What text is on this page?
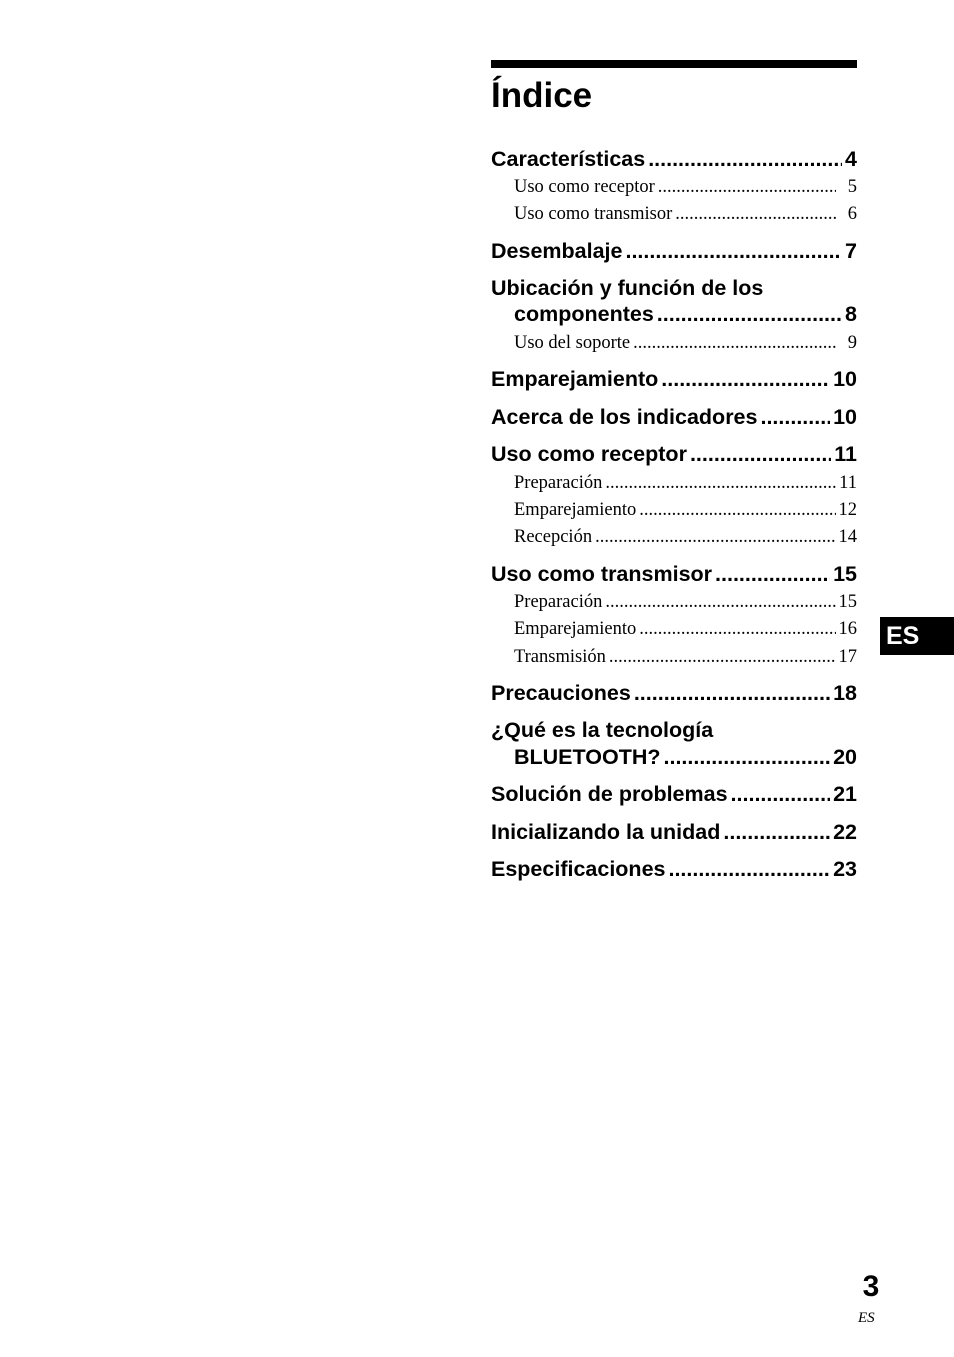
Índice
Características .....	4
Uso como receptor .....	5
Uso como transmisor .....	6
Desembalaje .....	7
Ubicación y función de los
componentes .....	8
Uso del soporte .....	9
Emparejamiento .....	10
Acerca de los indicadores .....	10
Uso como receptor .....	11
Preparación .....	11
Emparejamiento .....	12
Recepción .....	14
Uso como transmisor .....	15
Preparación .....	15
Emparejamiento .....	16
Transmisión .....	17
Precauciones .....	18
¿Qué es la tecnología
BLUETOOTH? .....	20
Solución de problemas .....	21
Inicializando la unidad .....	22
Especificaciones .....	23
ES
3
ES
